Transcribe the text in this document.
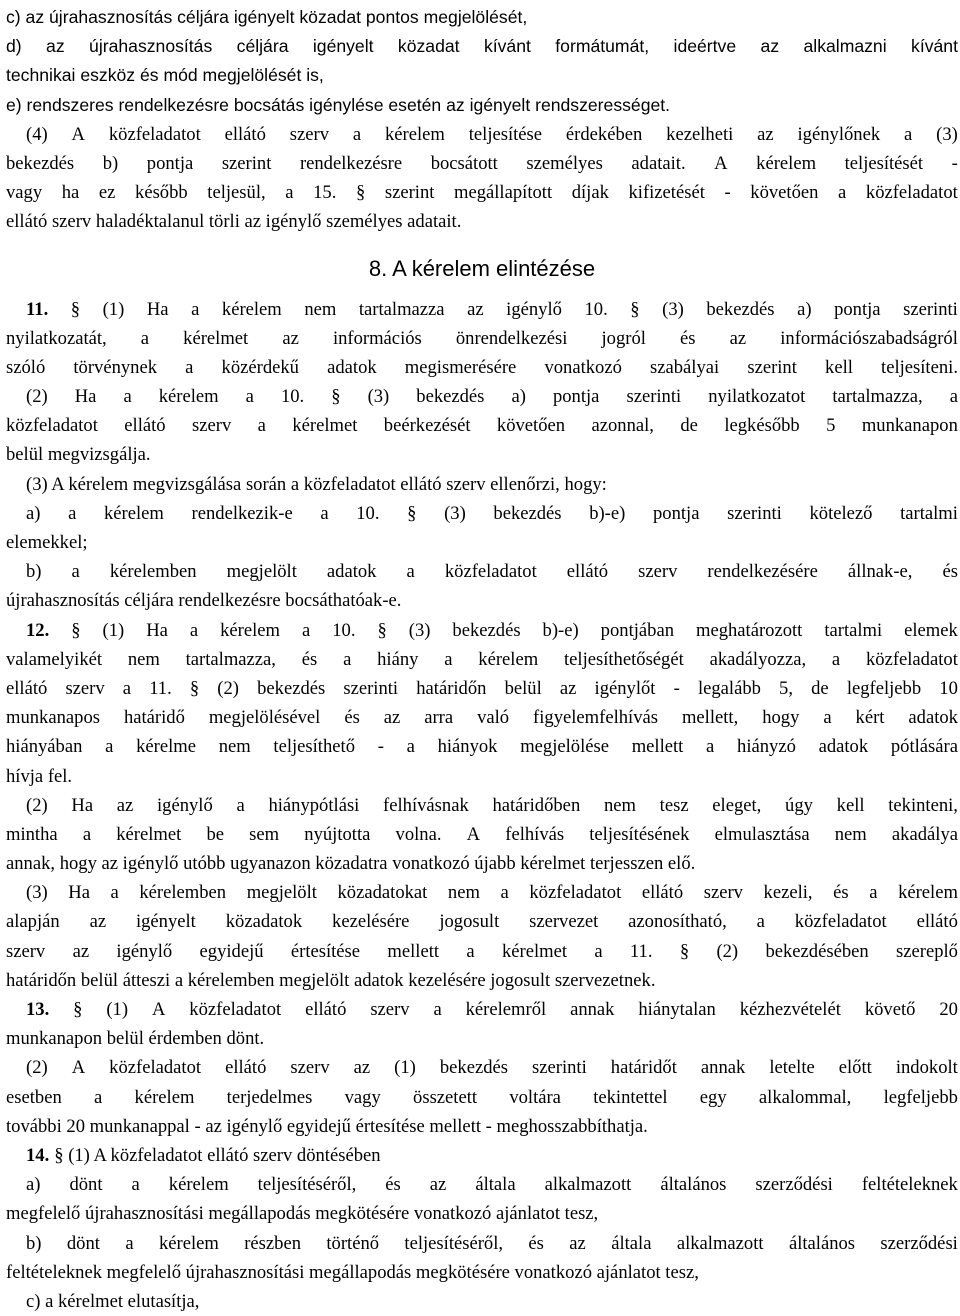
c) az újrahasznosítás céljára igényelt közadat pontos megjelölését,
d) az újrahasznosítás céljára igényelt közadat kívánt formátumát, ideértve az alkalmazni kívánt
technikai eszköz és mód megjelölését is,
e) rendszeres rendelkezésre bocsátás igénylése esetén az igényelt rendszerességet.
(4) A közfeladatot ellátó szerv a kérelem teljesítése érdekében kezelheti az igénylőnek a (3)
bekezdés b) pontja szerint rendelkezésre bocsátott személyes adatait. A kérelem teljesítését -
vagy ha ez később teljesül, a 15. § szerint megállapított díjak kifizetését - követően a közfeladatot
ellátó szerv haladéktalanul törli az igénylő személyes adatait.
8. A kérelem elintézése
11. § (1) Ha a kérelem nem tartalmazza az igénylő 10. § (3) bekezdés a) pontja szerinti
nyilatkozatát, a kérelmet az információs önrendelkezési jogról és az információszabadságról
szóló törvénynek a közérdekű adatok megismerésére vonatkozó szabályai szerint kell teljesíteni.
(2) Ha a kérelem a 10. § (3) bekezdés a) pontja szerinti nyilatkozatot tartalmazza, a
közfeladatot ellátó szerv a kérelmet beérkezését követően azonnal, de legkésőbb 5 munkanapon
belül megvizsgálja.
(3) A kérelem megvizsgálása során a közfeladatot ellátó szerv ellenőrzi, hogy:
a) a kérelem rendelkezik-e a 10. § (3) bekezdés b)-e) pontja szerinti kötelező tartalmi
elemekkel;
b) a kérelemben megjelölt adatok a közfeladatot ellátó szerv rendelkezésére állnak-e, és
újrahasznosítás céljára rendelkezésre bocsáthatóak-e.
12. § (1) Ha a kérelem a 10. § (3) bekezdés b)-e) pontjában meghatározott tartalmi elemek
valamelyikét nem tartalmazza, és a hiány a kérelem teljesíthetőségét akadályozza, a közfeladatot
ellátó szerv a 11. § (2) bekezdés szerinti határidőn belül az igénylőt - legalább 5, de legfeljebb 10
munkanapos határidő megjelölésével és az arra való figyelemfelhívás mellett, hogy a kért adatok
hiányában a kérelme nem teljesíthető - a hiányok megjelölése mellett a hiányzó adatok pótlására
hívja fel.
(2) Ha az igénylő a hiánypótlási felhívásnak határidőben nem tesz eleget, úgy kell tekinteni,
mintha a kérelmet be sem nyújtotta volna. A felhívás teljesítésének elmulasztása nem akadálya
annak, hogy az igénylő utóbb ugyanazon közadatra vonatkozó újabb kérelmet terjesszen elő.
(3) Ha a kérelemben megjelölt közadatokat nem a közfeladatot ellátó szerv kezeli, és a kérelem
alapján az igényelt közadatok kezelésére jogosult szervezet azonosítható, a közfeladatot ellátó
szerv az igénylő egyidejű értesítése mellett a kérelmet a 11. § (2) bekezdésében szereplő
határidőn belül átteszi a kérelemben megjelölt adatok kezelésére jogosult szervezetnek.
13. § (1) A közfeladatot ellátó szerv a kérelemről annak hiánytalan kézhezvételét követő 20
munkanapon belül érdemben dönt.
(2) A közfeladatot ellátó szerv az (1) bekezdés szerinti határidőt annak letelte előtt indokolt
esetben a kérelem terjedelmes vagy összetett voltára tekintettel egy alkalommal, legfeljebb
további 20 munkanappal - az igénylő egyidejű értesítése mellett - meghosszabbíthatja.
14. § (1) A közfeladatot ellátó szerv döntésében
a) dönt a kérelem teljesítéséről, és az általa alkalmazott általános szerződési feltételeknek
megfelelő újrahasznosítási megállapodás megkötésére vonatkozó ajánlatot tesz,
b) dönt a kérelem részben történő teljesítéséről, és az általa alkalmazott általános szerződési
feltételeknek megfelelő újrahasznosítási megállapodás megkötésére vonatkozó ajánlatot tesz,
c) a kérelmet elutasítja,
